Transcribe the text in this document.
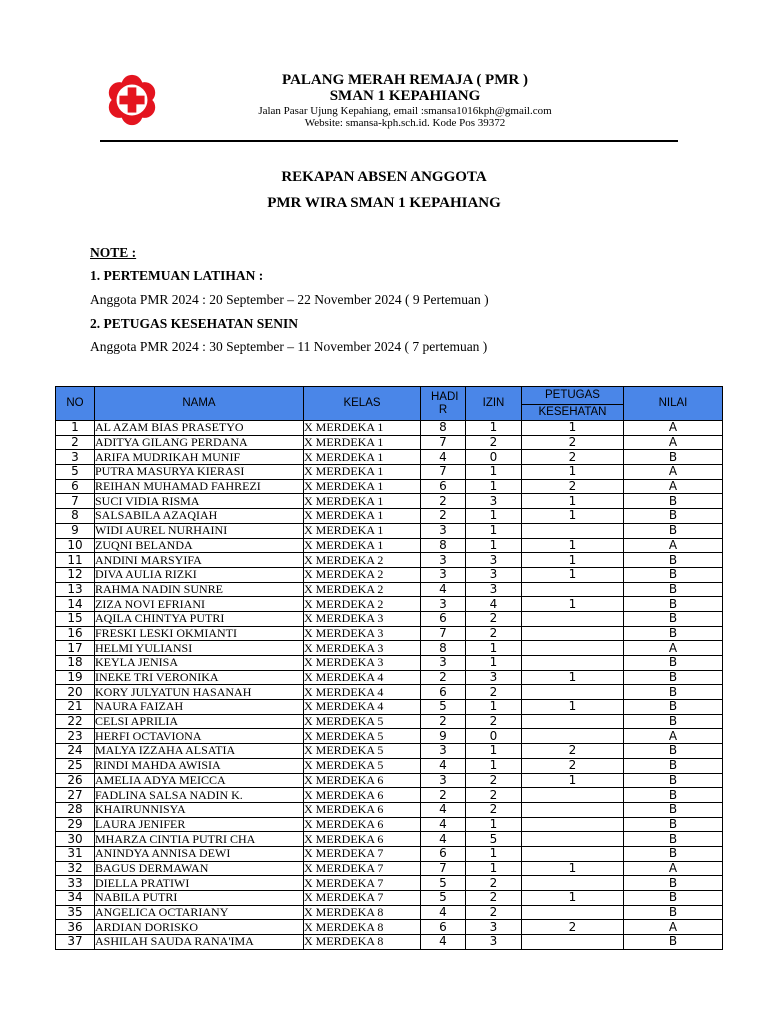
PALANG MERAH REMAJA ( PMR )
SMAN 1 KEPAHIANG
Jalan Pasar Ujung Kepahiang, email :smansa1016kph@gmail.com
Website: smansa-kph.sch.id. Kode Pos 39372
REKAPAN ABSEN ANGGOTA
PMR WIRA SMAN 1 KEPAHIANG
NOTE :
1. PERTEMUAN LATIHAN :
Anggota PMR 2024 : 20 September – 22 November 2024 ( 9 Pertemuan )
2. PETUGAS KESEHATAN SENIN
Anggota PMR 2024 : 30 September – 11 November 2024 ( 7 pertemuan )
NO	NAMA	KELAS	HADI R	IZIN	PETUGAS	NILAI
					KESEHATAN	
1	AL AZAM BIAS PRASETYO	X MERDEKA 1	8	1	1	A
2	ADITYA GILANG PERDANA	X MERDEKA 1	7	2	2	A
3	ARIFA MUDRIKAH MUNIF	X MERDEKA 1	4	0	2	B
5	PUTRA MASURYA KIERASI	X MERDEKA 1	7	1	1	A
6	REIHAN MUHAMAD FAHREZI	X MERDEKA 1	6	1	2	A
7	SUCI VIDIA RISMA	X MERDEKA 1	2	3	1	B
8	SALSABILA AZAQIAH	X MERDEKA 1	2	1	1	B
9	WIDI AUREL NURHAINI	X MERDEKA 1	3	1		B
10	ZUQNI BELANDA	X MERDEKA 1	8	1	1	A
11	ANDINI MARSYIFA	X MERDEKA 2	3	3	1	B
12	DIVA AULIA RIZKI	X MERDEKA 2	3	3	1	B
13	RAHMA NADIN SUNRE	X MERDEKA 2	4	3		B
14	ZIZA NOVI EFRIANI	X MERDEKA 2	3	4	1	B
15	AQILA CHINTYA PUTRI	X MERDEKA 3	6	2		B
16	FRESKI LESKI OKMIANTI	X MERDEKA 3	7	2		B
17	HELMI YULIANSI	X MERDEKA 3	8	1		A
18	KEYLA JENISA	X MERDEKA 3	3	1		B
19	INEKE TRI VERONIKA	X MERDEKA 4	2	3	1	B
20	KORY JULYATUN HASANAH	X MERDEKA 4	6	2		B
21	NAURA FAIZAH	X MERDEKA 4	5	1	1	B
22	CELSI APRILIA	X MERDEKA 5	2	2		B
23	HERFI OCTAVIONA	X MERDEKA 5	9	0		A
24	MALYA IZZAHA ALSATIA	X MERDEKA 5	3	1	2	B
25	RINDI MAHDA AWISIA	X MERDEKA 5	4	1	2	B
26	AMELIA ADYA MEICCA	X MERDEKA 6	3	2	1	B
27	FADLINA SALSA NADIN K.	X MERDEKA 6	2	2		B
28	KHAIRUNNISYA	X MERDEKA 6	4	2		B
29	LAURA JENIFER	X MERDEKA 6	4	1		B
30	MHARZA CINTIA PUTRI CHA	X MERDEKA 6	4	5		B
31	ANINDYA ANNISA DEWI	X MERDEKA 7	6	1		B
32	BAGUS DERMAWAN	X MERDEKA 7	7	1	1	A
33	DIELLA PRATIWI	X MERDEKA 7	5	2		B
34	NABILA PUTRI	X MERDEKA 7	5	2	1	B
35	ANGELICA OCTARIANY	X MERDEKA 8	4	2		B
36	ARDIAN DORISKO	X MERDEKA 8	6	3	2	A
37	ASHILAH SAUDA RANA'IMA	X MERDEKA 8	4	3		B
